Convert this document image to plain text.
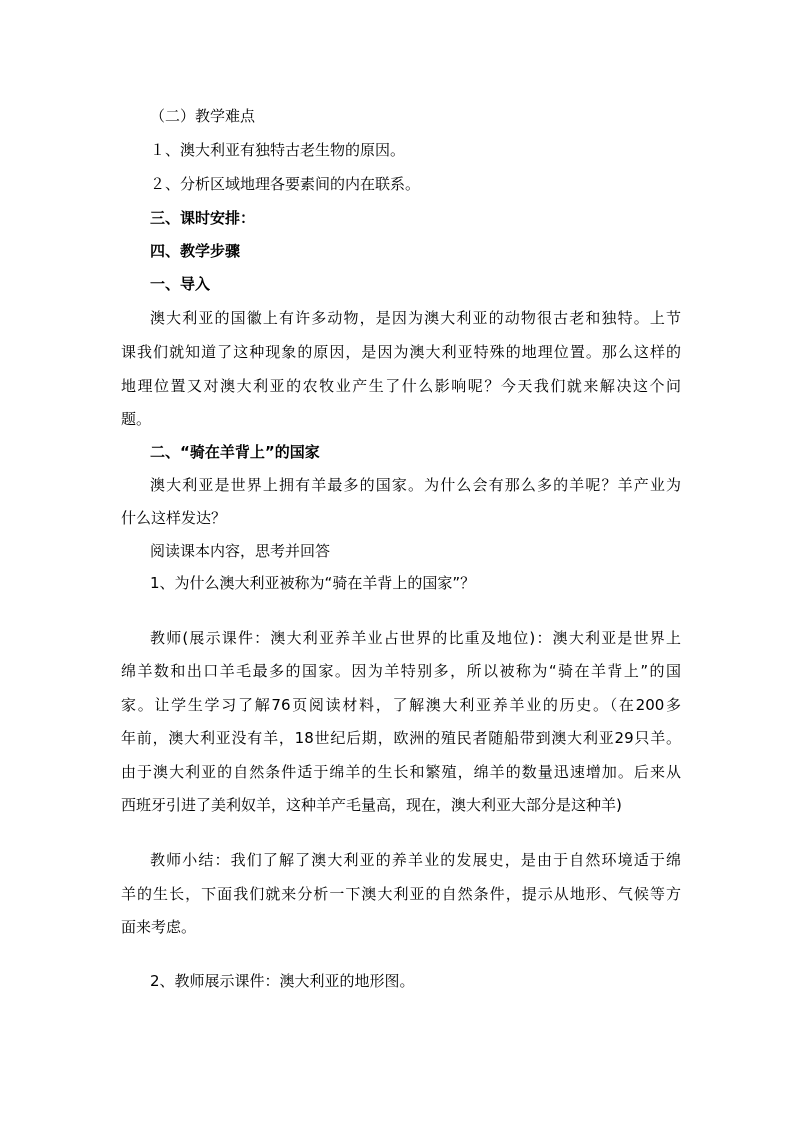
（二）教学难点
１、澳大利亚有独特古老生物的原因。
２、分析区域地理各要素间的内在联系。
三、课时安排：
四、教学步骤
一、导入
澳大利亚的国徽上有许多动物，是因为澳大利亚的动物很古老和独特。上节
课我们就知道了这种现象的原因，是因为澳大利亚特殊的地理位置。那么这样的
地理位置又对澳大利亚的农牧业产生了什么影响呢？今天我们就来解决这个问
题。
二、“骑在羊背上”的国家
澳大利亚是世界上拥有羊最多的国家。为什么会有那么多的羊呢？羊产业为
什么这样发达？
阅读课本内容，思考并回答
1、为什么澳大利亚被称为“骑在羊背上的国家”？
教师(展示课件：澳大利亚养羊业占世界的比重及地位)：澳大利亚是世界上
绵羊数和出口羊毛最多的国家。因为羊特别多，所以被称为“骑在羊背上”的国
家。让学生学习了解76页阅读材料，了解澳大利亚养羊业的历史。（在200多
年前，澳大利亚没有羊，18世纪后期，欧洲的殖民者随船带到澳大利亚29只羊。
由于澳大利亚的自然条件适于绵羊的生长和繁殖，绵羊的数量迅速增加。后来从
西班牙引进了美利奴羊，这种羊产毛量高，现在，澳大利亚大部分是这种羊)
教师小结：我们了解了澳大利亚的养羊业的发展史，是由于自然环境适于绵
羊的生长，下面我们就来分析一下澳大利亚的自然条件，提示从地形、气候等方
面来考虑。
2、教师展示课件：澳大利亚的地形图。
